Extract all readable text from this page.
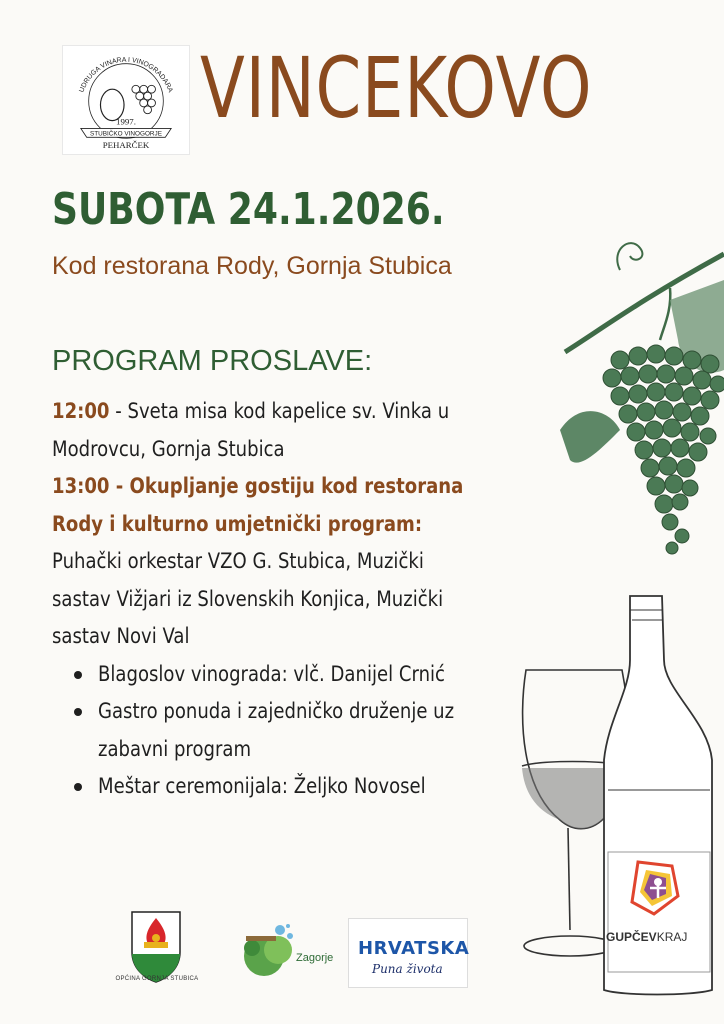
UDRUGA VINARA I VINOGRADARA
1997.
STUBIČKO VINOGORJE
PEHARČEK
VINCEKOVO
SUBOTA 24.1.2026.
Kod restorana Rody, Gornja Stubica
PROGRAM PROSLAVE:

12:00 - Sveta misa kod kapelice sv. Vinka u

Modrovcu, Gornja Stubica

13:00 - Okupljanje gostiju kod restorana

Rody i kulturno umjetnički program:

Puhački orkestar VZO G. Stubica, Muzički

sastav Vižjari iz Slovenskih Konjica, Muzički

sastav Novi Val

Blagoslov vinograda: vlč. Danijel Crnić

Gastro ponuda i zajedničko druženje uz

zabavni program

Meštar ceremonijala: Željko Novosel

GUPČEVKRAJ
OPĆINA GORNJA STUBICA
Zagorje HRVATSKA
Puna života
